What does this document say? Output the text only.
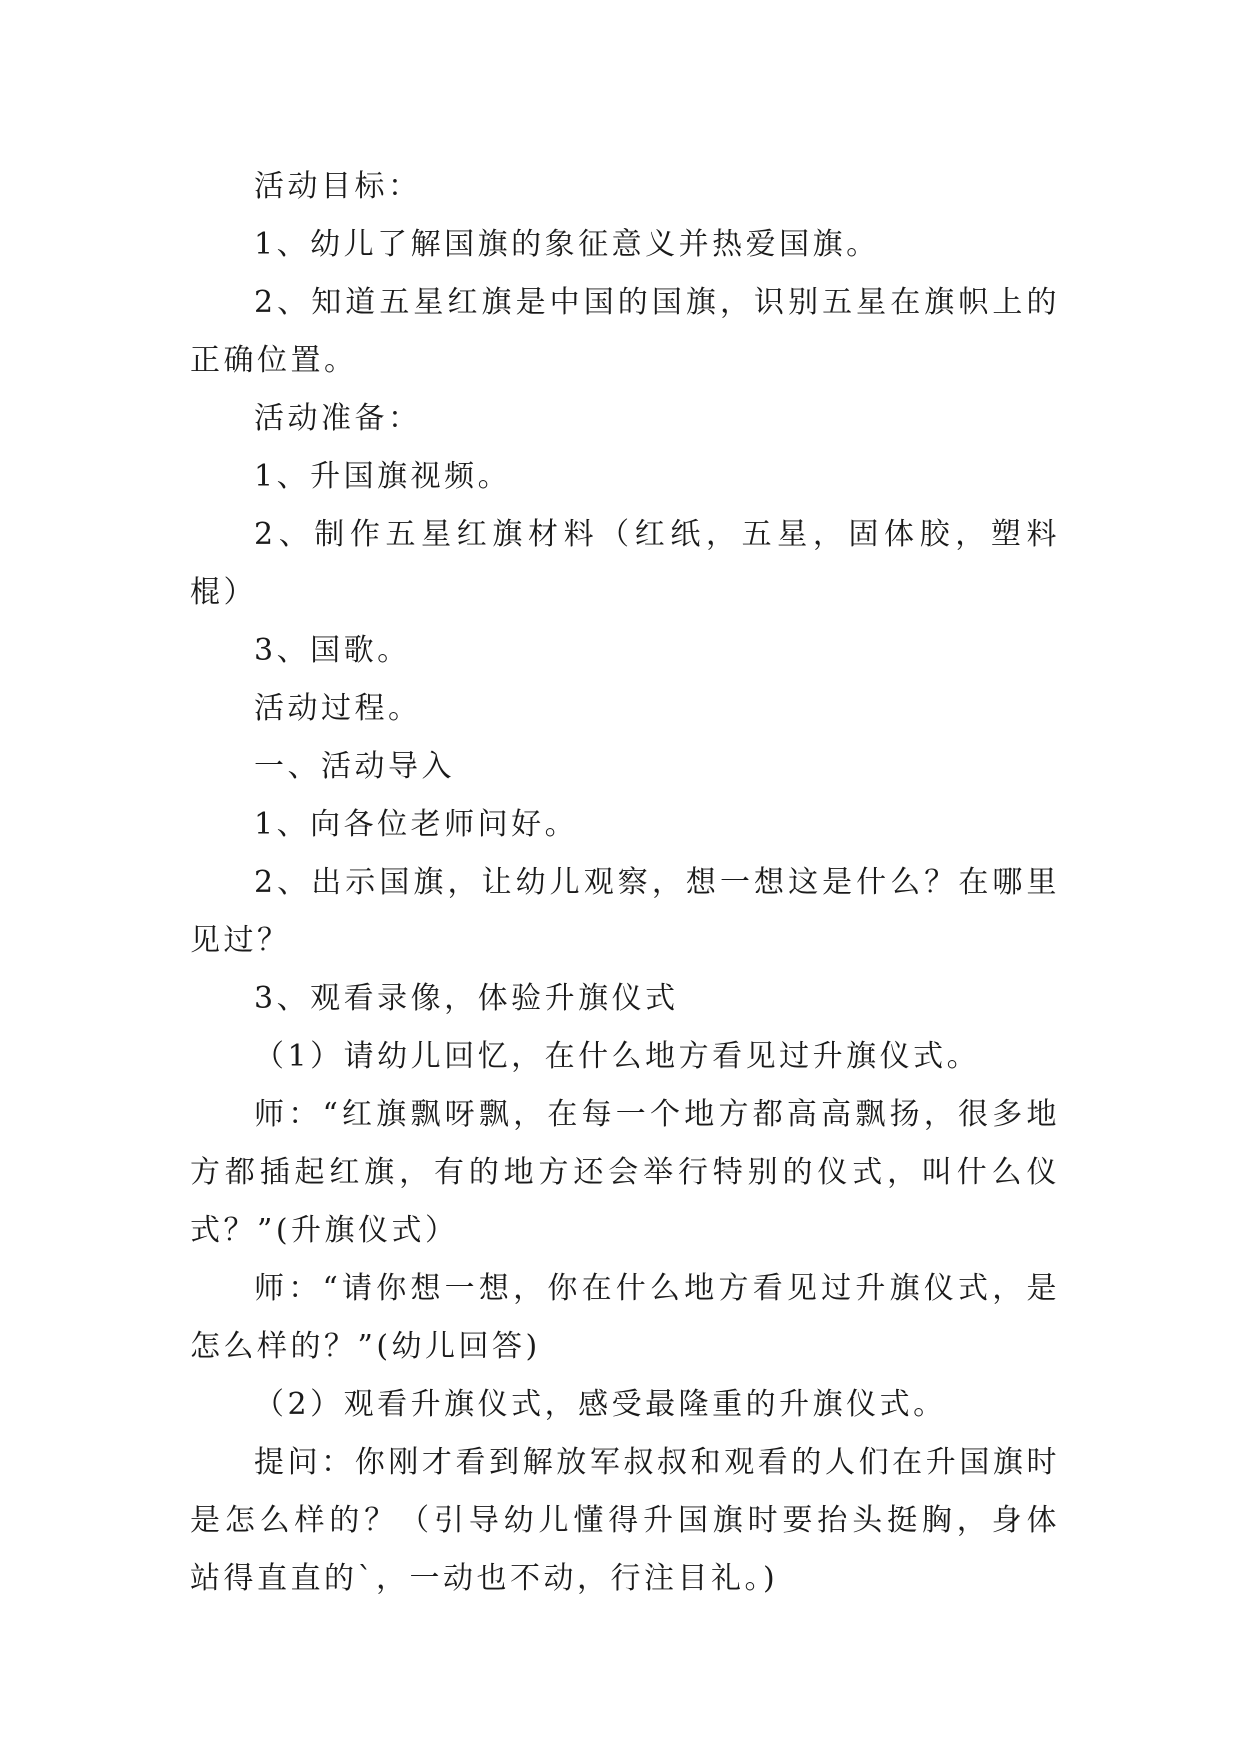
活动目标：

1、幼儿了解国旗的象征意义并热爱国旗。

2、知道五星红旗是中国的国旗，识别五星在旗帜上的正确位置。

活动准备：

1、升国旗视频。

2、制作五星红旗材料（红纸，五星，固体胶，塑料棍）

3、国歌。

活动过程。

一、活动导入

1、向各位老师问好。

2、出示国旗，让幼儿观察，想一想这是什么？在哪里见过？

3、观看录像，体验升旗仪式

（1）请幼儿回忆，在什么地方看见过升旗仪式。

师：“红旗飘呀飘，在每一个地方都高高飘扬，很多地方都插起红旗，有的地方还会举行特别的仪式，叫什么仪式？”(升旗仪式）

师：“请你想一想，你在什么地方看见过升旗仪式，是怎么样的？”(幼儿回答)

（2）观看升旗仪式，感受最隆重的升旗仪式。

提问：你刚才看到解放军叔叔和观看的人们在升国旗时是怎么样的？（引导幼儿懂得升国旗时要抬头挺胸，身体站得直直的`，一动也不动，行注目礼。)
